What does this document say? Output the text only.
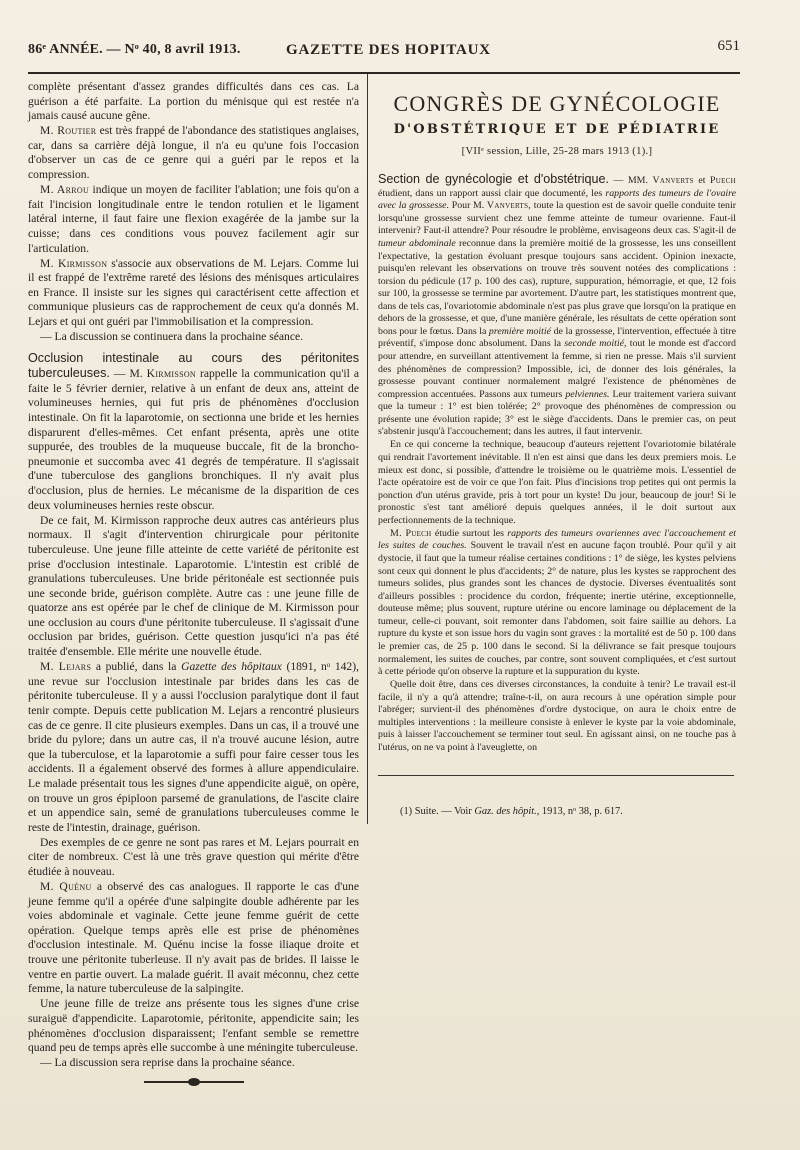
86ᵉ ANNÉE. — Nᵒ 40, 8 avril 1913.	GAZETTE DES HOPITAUX	651

complète présentant d'assez grandes difficultés dans ces cas. La guérison a été parfaite. La portion du ménisque qui est restée n'a jamais causé aucune gêne.

M. Routier est très frappé de l'abondance des statistiques anglaises, car, dans sa carrière déjà longue, il n'a eu qu'une fois l'occasion d'observer un cas de ce genre qui a guéri par le repos et la compression.

M. Arrou indique un moyen de faciliter l'ablation; une fois qu'on a fait l'incision longitudinale entre le tendon rotulien et le ligament latéral interne, il faut faire une flexion exagérée de la jambe sur la cuisse; dans ces conditions vous pouvez facilement agir sur l'articulation.

M. Kirmisson s'associe aux observations de M. Lejars. Comme lui il est frappé de l'extrême rareté des lésions des ménisques articulaires en France. Il insiste sur les signes qui caractérisent cette affection et communique plusieurs cas de rapprochement de ceux qu'a donnés M. Lejars et qui ont guéri par l'immobilisation et la compression.

— La discussion se continuera dans la prochaine séance.

Occlusion intestinale au cours des péritonites tuberculeuses. — M. Kirmisson rappelle la communication qu'il a faite le 5 février dernier, relative à un enfant de deux ans, atteint de volumineuses hernies, qui fut pris de phénomènes d'occlusion intestinale. On fit la laparotomie, on sectionna une bride et les hernies disparurent d'elles-mêmes. Cet enfant présenta, après une otite suppurée, des troubles de la muqueuse buccale, fit de la broncho-pneumonie et succomba avec 41 degrés de température. Il s'agissait d'une tuberculose des ganglions bronchiques. Il n'y avait plus d'occlusion, plus de hernies. Le mécanisme de la disparition de ces deux volumineuses hernies reste obscur.

De ce fait, M. Kirmisson rapproche deux autres cas antérieurs plus normaux. Il s'agit d'intervention chirurgicale pour péritonite tuberculeuse. Une jeune fille atteinte de cette variété de péritonite est prise d'occlusion intestinale. Laparotomie. L'intestin est criblé de granulations tuberculeuses. Une bride péritonéale est sectionnée puis une seconde bride, guérison complète. Autre cas : une jeune fille de quatorze ans est opérée par le chef de clinique de M. Kirmisson pour une occlusion au cours d'une péritonite tuberculeuse. Il s'agissait d'une occlusion par brides, guérison. Cette question jusqu'ici n'a pas été traitée d'ensemble. Elle mérite une nouvelle étude.

M. Lejars a publié, dans la Gazette des hôpitaux (1891, nᵒ 142), une revue sur l'occlusion intestinale par brides dans les cas de péritonite tuberculeuse. Il y a aussi l'occlusion paralytique dont il faut tenir compte. Depuis cette publication M. Lejars a rencontré plusieurs cas de ce genre. Il cite plusieurs exemples. Dans un cas, il a trouvé une bride du pylore; dans un autre cas, il n'a trouvé aucune lésion, autre que la tuberculose, et la laparotomie a suffi pour faire cesser tous les accidents. Il a également observé des formes à allure appendiculaire. Le malade présentait tous les signes d'une appendicite aiguë, on opère, on trouve un gros épiploon parsemé de granulations, de l'ascite claire et un appendice sain, semé de granulations tuberculeuses comme le reste de l'intestin, drainage, guérison.

Des exemples de ce genre ne sont pas rares et M. Lejars pourrait en citer de nombreux. C'est là une très grave question qui mérite d'être étudiée à nouveau.

M. Quénu a observé des cas analogues. Il rapporte le cas d'une jeune femme qu'il a opérée d'une salpingite double adhérente par les voies abdominale et vaginale. Cette jeune femme guérit de cette opération. Quelque temps après elle est prise de phénomènes d'occlusion intestinale. M. Quénu incise la fosse iliaque droite et trouve une péritonite tuberleuse. Il n'y avait pas de brides. Il laisse le ventre en partie ouvert. La malade guérit. Il avait méconnu, chez cette femme, la nature tuberculeuse de la salpingite.

Une jeune fille de treize ans présente tous les signes d'une crise suraiguë d'appendicite. Laparotomie, péritonite, appendicite sain; les phénomènes d'occlusion disparaissent; l'enfant semble se remettre quand peu de temps après elle succombe à une méningite tuberculeuse.

— La discussion sera reprise dans la prochaine séance.

CONGRÈS DE GYNÉCOLOGIE
D'OBSTÉTRIQUE ET DE PÉDIATRIE
[VIIᵉ session, Lille, 25-28 mars 1913 (1).]

Section de gynécologie et d'obstétrique. — MM. Vanverts et Puech étudient, dans un rapport aussi clair que documenté, les rapports des tumeurs de l'ovaire avec la grossesse. Pour M. Vanverts, toute la question est de savoir quelle conduite tenir lorsqu'une grossesse survient chez une femme atteinte de tumeur ovarienne. Faut-il intervenir? Faut-il attendre? Pour résoudre le problème, envisageons deux cas. S'agit-il de tumeur abdominale reconnue dans la première moitié de la grossesse, les uns conseillent l'expectative, la gestation évoluant presque toujours sans accident. Opinion inexacte, puisqu'en relevant les observations on trouve très souvent notées des complications : torsion du pédicule (17 p. 100 des cas), rupture, suppuration, hémorragie, et que, 12 fois sur 100, la grossesse se termine par avortement. D'autre part, les statistiques montrent que, dans de tels cas, l'ovariotomie abdominale n'est pas plus grave que lorsqu'on la pratique en dehors de la grossesse, et que, d'une manière générale, les résultats de cette opération sont bons pour le fœtus. Dans la première moitié de la grossesse, l'intervention, effectuée à titre préventif, s'impose donc absolument. Dans la seconde moitié, tout le monde est d'accord pour attendre, en surveillant attentivement la femme, si rien ne presse. Mais s'il survient des phénomènes de compression? Impossible, ici, de donner des lois générales, la grossesse pouvant continuer normalement malgré l'existence de phénomènes de compression accentuées. Passons aux tumeurs pelviennes. Leur traitement variera suivant que la tumeur : 1° est bien tolérée; 2° provoque des phénomènes de compression ou présente une évolution rapide; 3° est le siège d'accidents. Dans le premier cas, on peut s'abstenir jusqu'à l'accouchement; dans les autres, il faut intervenir.

En ce qui concerne la technique, beaucoup d'auteurs rejettent l'ovariotomie bilatérale qui rendrait l'avortement inévitable. Il n'en est ainsi que dans les deux premiers mois. Le mieux est donc, si possible, d'attendre le troisième ou le quatrième mois. L'essentiel de l'acte opératoire est de voir ce que l'on fait. Plus d'incisions trop petites qui ont permis la ponction d'un utérus gravide, pris à tort pour un kyste! Du jour, beaucoup de jour! Si le pronostic s'est tant amélioré depuis quelques années, il le doit surtout aux perfectionnements de la technique.

M. Puech étudie surtout les rapports des tumeurs ovariennes avec l'accouchement et les suites de couches. Souvent le travail n'est en aucune façon troublé. Pour qu'il y ait dystocie, il faut que la tumeur réalise certaines conditions : 1° de siège, les kystes pelviens sont ceux qui donnent le plus d'accidents; 2° de nature, plus les kystes se rapprochent des tumeurs solides, plus grandes sont les chances de dystocie. Diverses éventualités sont d'ailleurs possibles : procidence du cordon, fréquente; inertie utérine, exceptionnelle, douteuse même; plus souvent, rupture utérine ou encore laminage ou déplacement de la tumeur, celle-ci pouvant, soit remonter dans l'abdomen, soit faire saillie au dehors. La rupture du kyste et son issue hors du vagin sont graves : la mortalité est de 50 p. 100 dans le premier cas, de 25 p. 100 dans le second. Si la délivrance se fait presque toujours normalement, les suites de couches, par contre, sont souvent compliquées, et c'est surtout à cette période qu'on observe la rupture et la suppuration du kyste.

Quelle doit être, dans ces diverses circonstances, la conduite à tenir? Le travail est-il facile, il n'y a qu'à attendre; traîne-t-il, on aura recours à une opération simple pour l'abréger; survient-il des phénomènes d'ordre dystocique, on aura le choix entre de multiples interventions : la meilleure consiste à enlever le kyste par la voie abdominale, puis à laisser l'accouchement se terminer tout seul. En agissant ainsi, on ne touche pas à l'utérus, on ne va point à l'aveuglette, on

(1) Suite. — Voir Gaz. des hôpit., 1913, nᵒ 38, p. 617.
